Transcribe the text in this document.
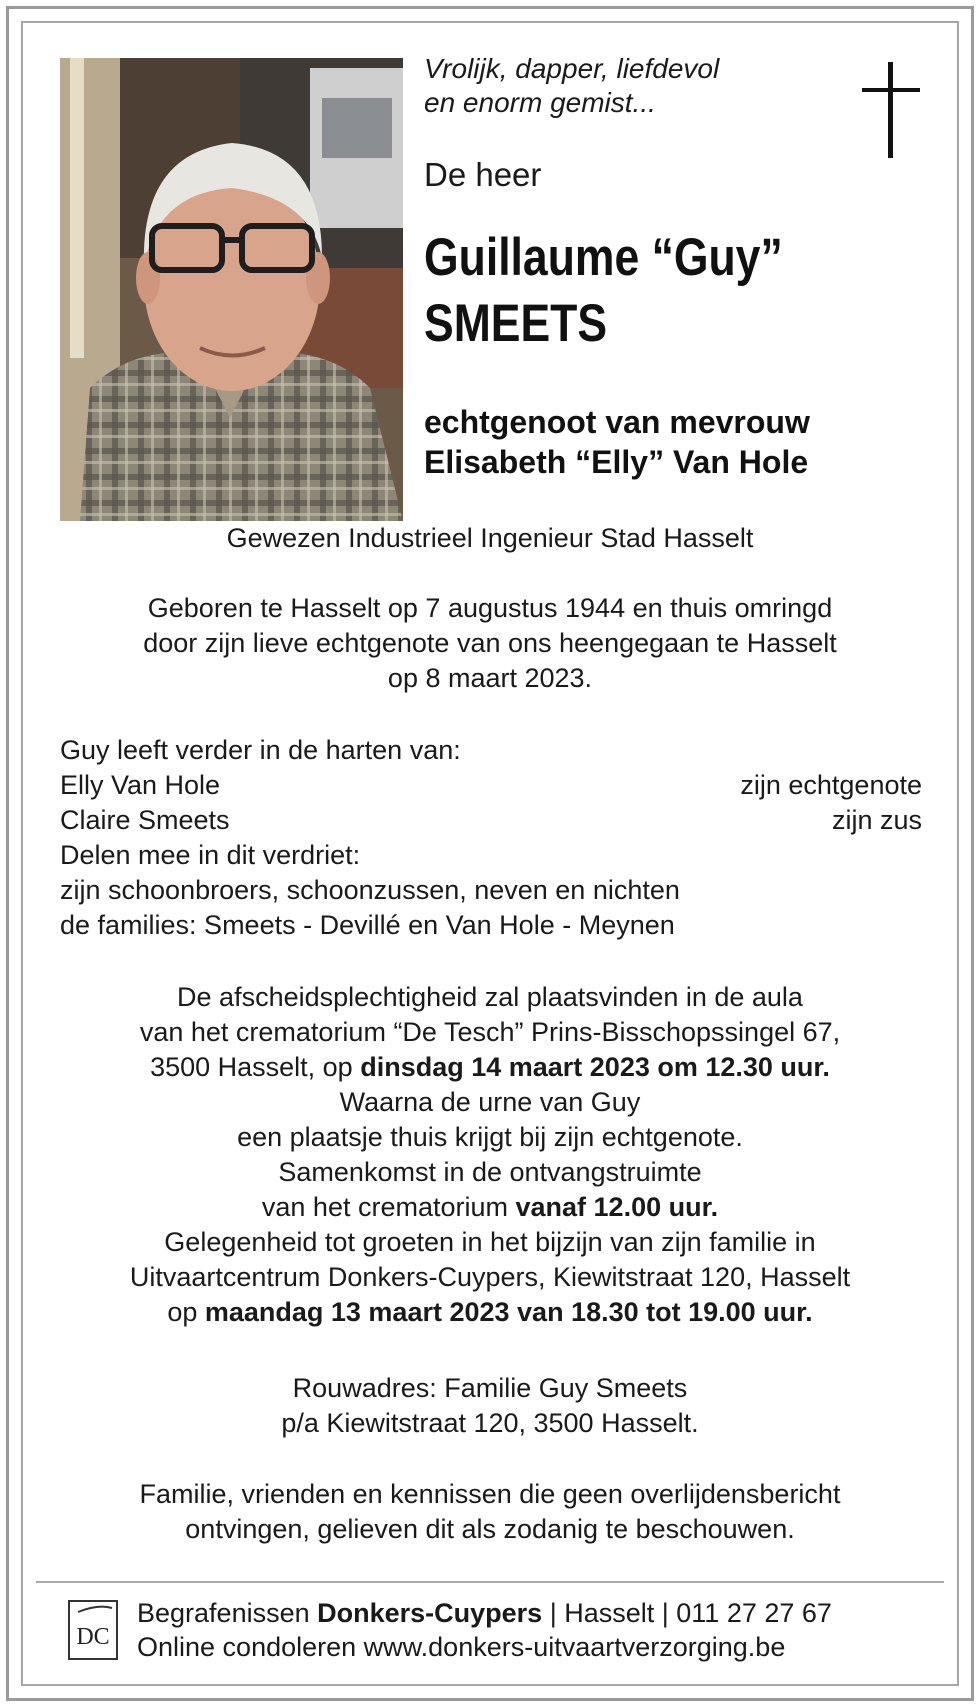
Vrolijk, dapper, liefdevol
en enorm gemist...
De heer
Guillaume “Guy”
SMEETS
echtgenoot van mevrouw
Elisabeth “Elly” Van Hole
Gewezen Industrieel Ingenieur Stad Hasselt
Geboren te Hasselt op 7 augustus 1944 en thuis omringd
door zijn lieve echtgenote van ons heengegaan te Hasselt
op 8 maart 2023.
Guy leeft verder in de harten van:
Elly Van Hole	zijn echtgenote
Claire Smeets	zijn zus
Delen mee in dit verdriet:
zijn schoonbroers, schoonzussen, neven en nichten
de families: Smeets - Devillé en Van Hole - Meynen
De afscheidsplechtigheid zal plaatsvinden in de aula
van het crematorium “De Tesch” Prins-Bisschopssingel 67,
3500 Hasselt, op dinsdag 14 maart 2023 om 12.30 uur.
Waarna de urne van Guy
een plaatsje thuis krijgt bij zijn echtgenote.
Samenkomst in de ontvangstruimte
van het crematorium vanaf 12.00 uur.
Gelegenheid tot groeten in het bijzijn van zijn familie in
Uitvaartcentrum Donkers-Cuypers, Kiewitstraat 120, Hasselt
op maandag 13 maart 2023 van 18.30 tot 19.00 uur.
Rouwadres: Familie Guy Smeets
p/a Kiewitstraat 120, 3500 Hasselt.
Familie, vrienden en kennissen die geen overlijdensbericht
ontvingen, gelieven dit als zodanig te beschouwen.
DC
Begrafenissen Donkers-Cuypers | Hasselt | 011 27 27 67
Online condoleren www.donkers-uitvaartverzorging.be
